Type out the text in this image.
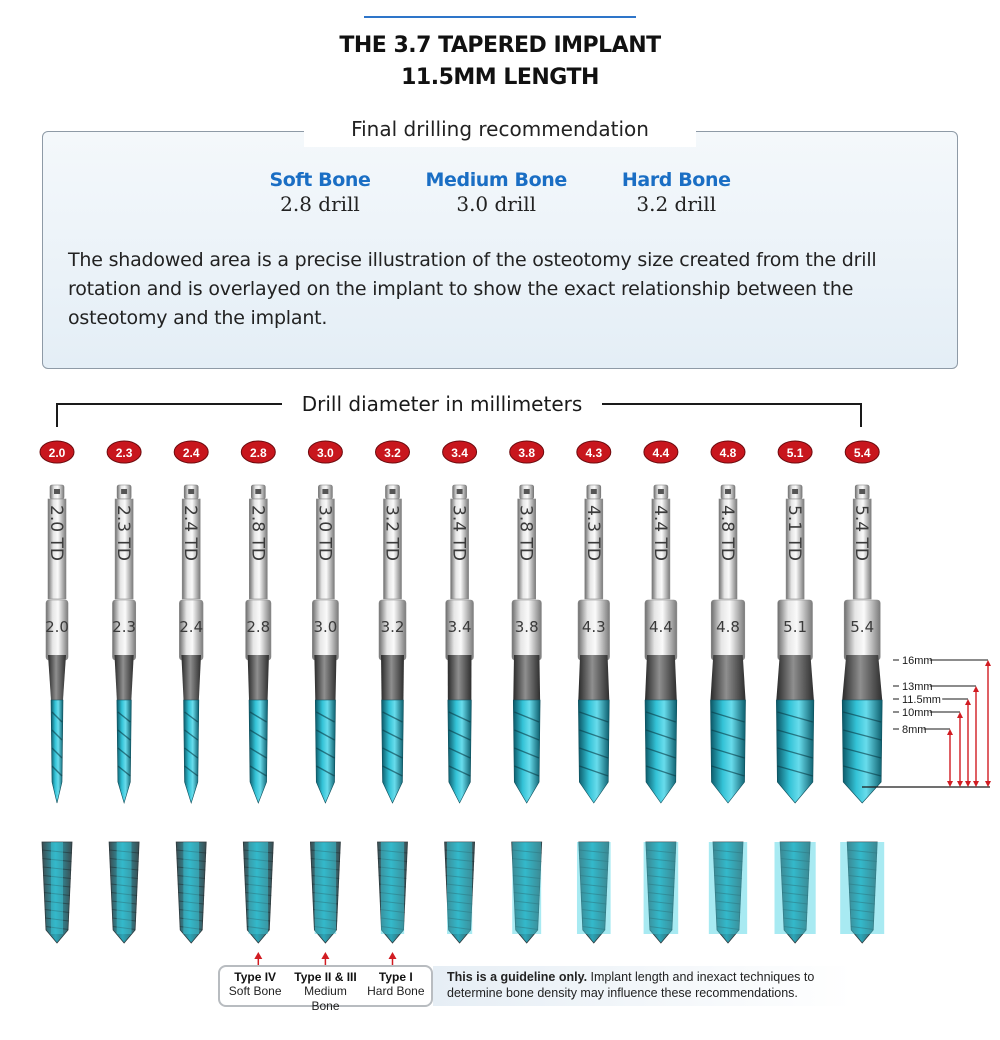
THE 3.7 TAPERED IMPLANT
11.5MM LENGTH
Final drilling recommendation
Soft Bone
2.8 drill
Medium Bone
3.0 drill
Hard Bone
3.2 drill
The shadowed area is a precise illustration of the osteotomy size created from the drill rotation and is overlayed on the implant to show the exact relationship between the osteotomy and the implant.
Drill diameter in millimeters
2.0
2.0 TD
2.0
2.3
2.3 TD
2.3
2.4
2.4 TD
2.4
2.8
2.8 TD
2.8
3.0
3.0 TD
3.0
3.2
3.2 TD
3.2
3.4
3.4 TD
3.4
3.8
3.8 TD
3.8
4.3
4.3 TD
4.3
4.4
4.4 TD
4.4
4.8
4.8 TD
4.8
5.1
5.1 TD
5.1
5.4
5.4 TD
5.4
16mm
13mm
11.5mm
10mm
8mm
Type IV
Soft Bone
Type II & III
Medium Bone
Type I
Hard Bone
This is a guideline only. Implant length and inexact techniques to determine bone density may influence these recommendations.
